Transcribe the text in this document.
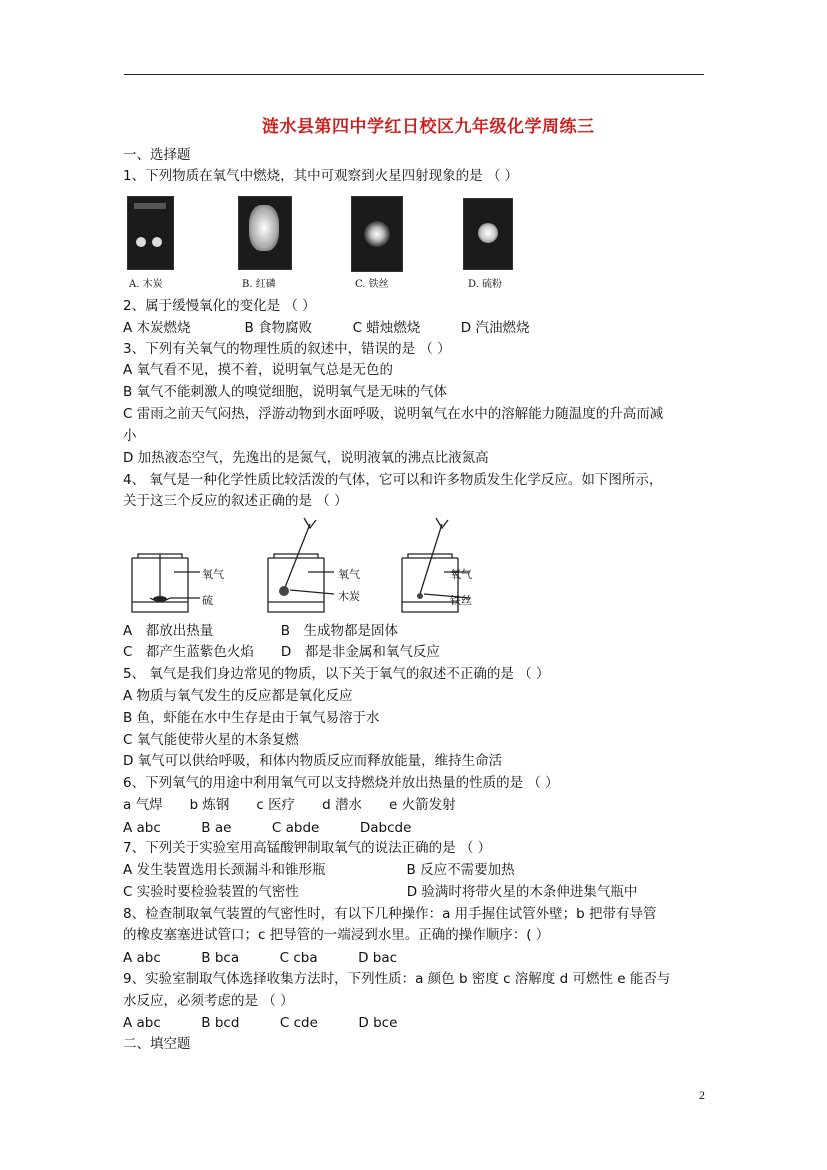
涟水县第四中学红日校区九年级化学周练三
一、选择题
1、下列物质在氧气中燃烧，其中可观察到火星四射现象的是 （ ）
A. 木炭	B. 红磷	C. 铁丝	D. 硫粉
2、属于缓慢氧化的变化是 （ ）
A 木炭燃烧　　　　B 食物腐败　　　C 蜡烛燃烧　　　D 汽油燃烧
3、下列有关氧气的物理性质的叙述中，错误的是 （ ）
A 氧气看不见，摸不着，说明氧气总是无色的
B 氧气不能刺激人的嗅觉细胞，说明氧气是无味的气体
C 雷雨之前天气闷热，浮游动物到水面呼吸，说明氧气在水中的溶解能力随温度的升高而减
小
D 加热液态空气，先逸出的是氮气，说明液氧的沸点比液氮高
4、 氧气是一种化学性质比较活泼的气体，它可以和许多物质发生化学反应。如下图所示，
关于这三个反应的叙述正确的是 （ ）
氧气
硫
氧气
木炭
氧气
铁丝
A　都放出热量　　　　　B　生成物都是固体
C　都产生蓝紫色火焰　　D　都是非金属和氧气反应
5、 氧气是我们身边常见的物质，以下关于氧气的叙述不正确的是 （ ）
A 物质与氧气发生的反应都是氧化反应
B 鱼，虾能在水中生存是由于氧气易溶于水
C 氧气能使带火星的木条复燃
D 氧气可以供给呼吸，和体内物质反应而释放能量，维持生命活
6、下列氧气的用途中利用氧气可以支持燃烧并放出热量的性质的是 （ ）
a 气焊　　b 炼钢　　c 医疗　　d 潜水　　e 火箭发射
A abc　　　B ae　　　C abde　　　Dabcde
7、下列关于实验室用高锰酸钾制取氧气的说法正确的是 （ ）
A 发生装置选用长颈漏斗和锥形瓶　　　　　　B 反应不需要加热
C 实验时要检验装置的气密性　　　　　　　　D 验满时将带火星的木条伸进集气瓶中
8、检查制取氧气装置的气密性时，有以下几种操作：a 用手握住试管外壁；b 把带有导管
的橡皮塞塞进试管口；c 把导管的一端浸到水里。正确的操作顺序：( ）
A abc　　　B bca　　　C cba　　　D bac
9、实验室制取气体选择收集方法时，下列性质：a 颜色 b 密度 c 溶解度 d 可燃性 e 能否与
水反应，必须考虑的是 （ ）
A abc　　　B bcd　　　C cde　　　D bce
二、填空题
2
